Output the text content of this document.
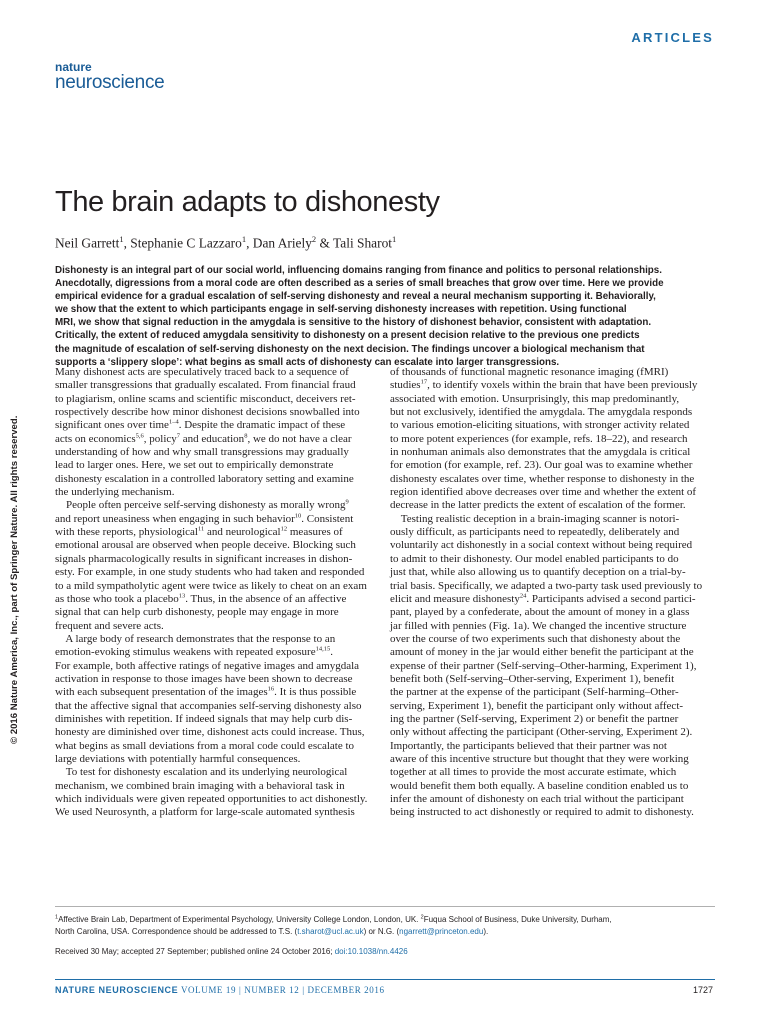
ARTICLES
nature
neuroscience
The brain adapts to dishonesty
Neil Garrett$^1$, Stephanie C Lazzaro$^1$, Dan Ariely$^2$ & Tali Sharot$^1$
Dishonesty is an integral part of our social world, influencing domains ranging from finance and politics to personal relationships.
Anecdotally, digressions from a moral code are often described as a series of small breaches that grow over time. Here we provide
empirical evidence for a gradual escalation of self-serving dishonesty and reveal a neural mechanism supporting it. Behaviorally,
we show that the extent to which participants engage in self-serving dishonesty increases with repetition. Using functional
MRI, we show that signal reduction in the amygdala is sensitive to the history of dishonest behavior, consistent with adaptation.
Critically, the extent of reduced amygdala sensitivity to dishonesty on a present decision relative to the previous one predicts
the magnitude of escalation of self-serving dishonesty on the next decision. The findings uncover a biological mechanism that
supports a ‘slippery slope’: what begins as small acts of dishonesty can escalate into larger transgressions.
Many dishonest acts are speculatively traced back to a sequence of
smaller transgressions that gradually escalated. From financial fraud
to plagiarism, online scams and scientific misconduct, deceivers ret-
rospectively describe how minor dishonest decisions snowballed into
significant ones over time$^{1-4}$. Despite the dramatic impact of these
acts on economics$^{5,6}$, policy$^7$ and education$^8$, we do not have a clear
understanding of how and why small transgressions may gradually
lead to larger ones. Here, we set out to empirically demonstrate
dishonesty escalation in a controlled laboratory setting and examine
the underlying mechanism.
People often perceive self-serving dishonesty as morally wrong$^9$
and report uneasiness when engaging in such behavior$^{10}$. Consistent
with these reports, physiological$^{11}$ and neurological$^{12}$ measures of
emotional arousal are observed when people deceive. Blocking such
signals pharmacologically results in significant increases in dishon-
esty. For example, in one study students who had taken and responded
to a mild sympatholytic agent were twice as likely to cheat on an exam
as those who took a placebo$^{13}$. Thus, in the absence of an affective
signal that can help curb dishonesty, people may engage in more
frequent and severe acts.
A large body of research demonstrates that the response to an
emotion-evoking stimulus weakens with repeated exposure$^{14,15}$.
For example, both affective ratings of negative images and amygdala
activation in response to those images have been shown to decrease
with each subsequent presentation of the images$^{16}$. It is thus possible
that the affective signal that accompanies self-serving dishonesty also
diminishes with repetition. If indeed signals that may help curb dis-
honesty are diminished over time, dishonest acts could increase. Thus,
what begins as small deviations from a moral code could escalate to
large deviations with potentially harmful consequences.
To test for dishonesty escalation and its underlying neurological
mechanism, we combined brain imaging with a behavioral task in
which individuals were given repeated opportunities to act dishonestly.
We used Neurosynth, a platform for large-scale automated synthesis
of thousands of functional magnetic resonance imaging (fMRI)
studies$^{17}$, to identify voxels within the brain that have been previously
associated with emotion. Unsurprisingly, this map predominantly,
but not exclusively, identified the amygdala. The amygdala responds
to various emotion-eliciting situations, with stronger activity related
to more potent experiences (for example, refs. 18–22), and research
in nonhuman animals also demonstrates that the amygdala is critical
for emotion (for example, ref. 23). Our goal was to examine whether
dishonesty escalates over time, whether response to dishonesty in the
region identified above decreases over time and whether the extent of
decrease in the latter predicts the extent of escalation of the former.
Testing realistic deception in a brain-imaging scanner is notori-
ously difficult, as participants need to repeatedly, deliberately and
voluntarily act dishonestly in a social context without being required
to admit to their dishonesty. Our model enabled participants to do
just that, while also allowing us to quantify deception on a trial-by-
trial basis. Specifically, we adapted a two-party task used previously to
elicit and measure dishonesty$^{24}$. Participants advised a second partici-
pant, played by a confederate, about the amount of money in a glass
jar filled with pennies (Fig. 1a). We changed the incentive structure
over the course of two experiments such that dishonesty about the
amount of money in the jar would either benefit the participant at the
expense of their partner (Self-serving–Other-harming, Experiment 1),
benefit both (Self-serving–Other-serving, Experiment 1), benefit
the partner at the expense of the participant (Self-harming–Other-
serving, Experiment 1), benefit the participant only without affect-
ing the partner (Self-serving, Experiment 2) or benefit the partner
only without affecting the participant (Other-serving, Experiment 2).
Importantly, the participants believed that their partner was not
aware of this incentive structure but thought that they were working
together at all times to provide the most accurate estimate, which
would benefit them both equally. A baseline condition enabled us to
infer the amount of dishonesty on each trial without the participant
being instructed to act dishonestly or required to admit to dishonesty.
$^1$Affective Brain Lab, Department of Experimental Psychology, University College London, London, UK. $^2$Fuqua School of Business, Duke University, Durham,
North Carolina, USA. Correspondence should be addressed to T.S. (t.sharot@ucl.ac.uk) or N.G. (ngarrett@princeton.edu).
Received 30 May; accepted 27 September; published online 24 October 2016; doi:10.1038/nn.4426
NATURE NEUROSCIENCE VOLUME 19 | NUMBER 12 | DECEMBER 2016	1727
© 2016 Nature America, Inc., part of Springer Nature. All rights reserved.
